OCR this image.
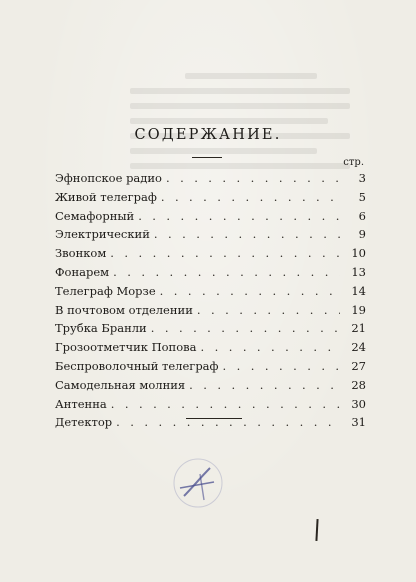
СОДЕРЖАНИЕ.
стр.
Эфнопское радио . . .	3
Живой телеграф . . .	5
Семафорный . . .	6
Электрический . . .	9
Звонком . . .	10
Фонарем . . .	13
Телеграф Морзе . . .	14
В почтовом отделении . . .	19
Трубка Бранли . . .	21
Грозоотметчик Попова . . .	24
Беспроволочный телеграф . . .	27
Самодельная молния . . .	28
Антенна . . .	30
Детектор . . .	31
